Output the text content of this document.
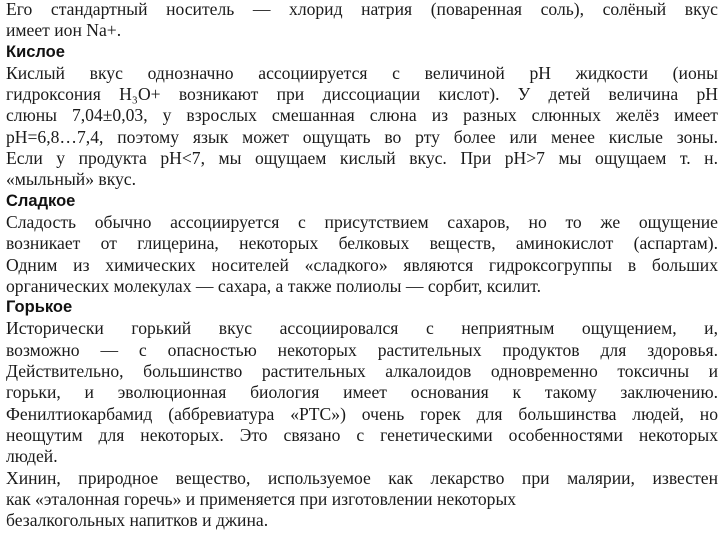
Его стандартный носитель — хлорид натрия (поваренная соль), солёный вкус
имеет ион Na+.
Кислое
Кислый вкус однозначно ассоциируется с величиной pH жидкости (ионы
гидроксония H₃O+ возникают при диссоциации кислот). У детей величина pH
слюны 7,04±0,03, у взрослых смешанная слюна из разных слюнных желёз имеет
pH=6,8…7,4, поэтому язык может ощущать во рту более или менее кислые зоны.
Если у продукта pH<7, мы ощущаем кислый вкус. При pH>7 мы ощущаем т. н.
«мыльный» вкус.
Сладкое
Сладость обычно ассоциируется с присутствием сахаров, но то же ощущение
возникает от глицерина, некоторых белковых веществ, аминокислот (аспартам).
Одним из химических носителей «сладкого» являются гидроксогруппы в больших
органических молекулах — сахара, а также полиолы — сорбит, ксилит.
Горькое
Исторически горький вкус ассоциировался с неприятным ощущением, и,
возможно — с опасностью некоторых растительных продуктов для здоровья.
Действительно, большинство растительных алкалоидов одновременно токсичны и
горьки, и эволюционная биология имеет основания к такому заключению.
Фенилтиокарбамид (аббревиатура «PTC») очень горек для большинства людей, но
неощутим для некоторых. Это связано с генетическими особенностями некоторых
людей.
Хинин, природное вещество, используемое как лекарство при малярии, известен
как «эталонная горечь» и применяется при изготовлении некоторых
безалкогольных напитков и джина.
